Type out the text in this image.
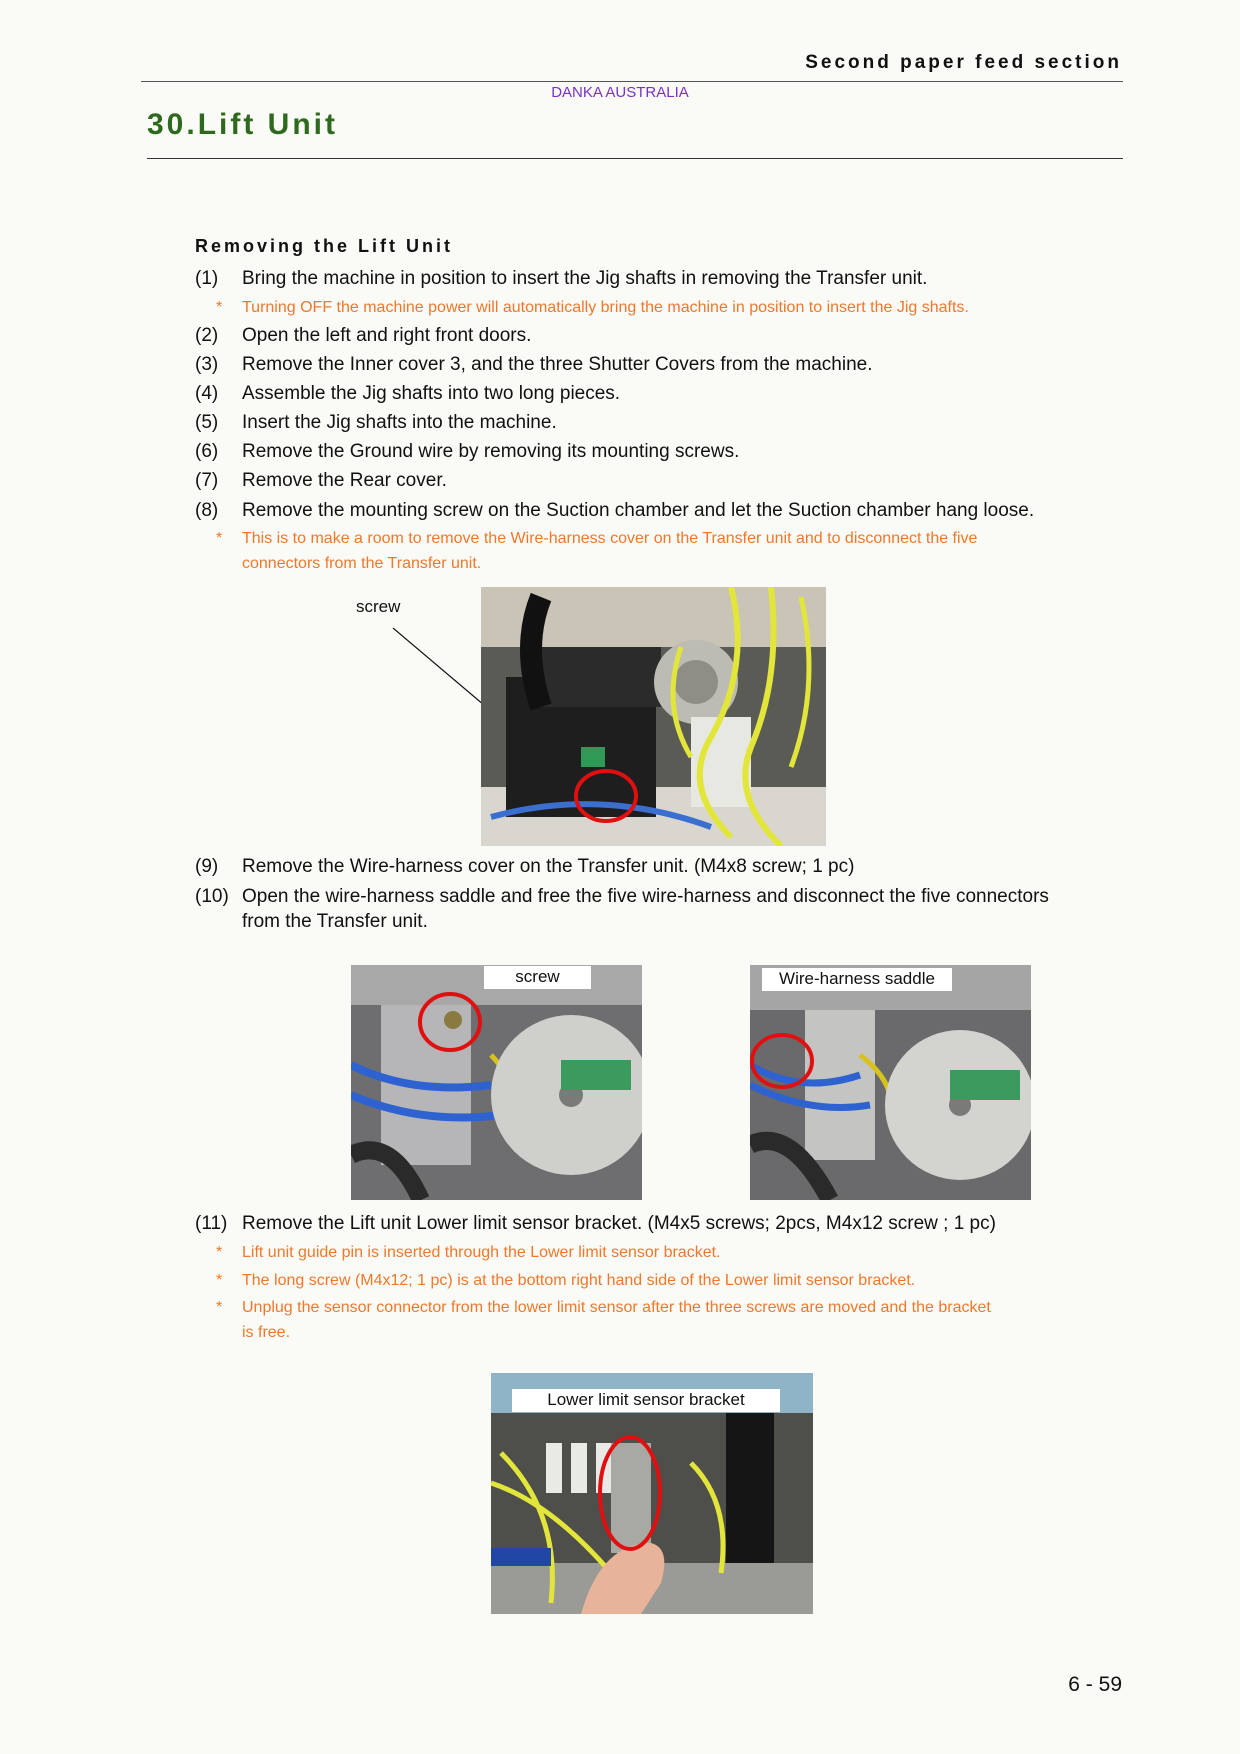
Second paper feed section
DANKA AUSTRALIA
30.Lift Unit
Removing the Lift Unit
(1) Bring the machine in position to insert the Jig shafts in removing the Transfer unit.
* Turning OFF the machine power will automatically bring the machine in position to insert the Jig shafts.
(2) Open the left and right front doors.
(3) Remove the Inner cover 3, and the three Shutter Covers from the machine.
(4) Assemble the Jig shafts into two long pieces.
(5) Insert the Jig shafts into the machine.
(6) Remove the Ground wire by removing its mounting screws.
(7) Remove the Rear cover.
(8) Remove the mounting screw on the Suction chamber and let the Suction chamber hang loose.
* This is to make a room to remove the Wire-harness cover on the Transfer unit and to disconnect the five
connectors from the Transfer unit.
screw
(9) Remove the Wire-harness cover on the Transfer unit. (M4x8 screw; 1 pc)
(10) Open the wire-harness saddle and free the five wire-harness and disconnect the five connectors
from the Transfer unit.
screw	Wire-harness saddle
(11) Remove the Lift unit Lower limit sensor bracket. (M4x5 screws; 2pcs, M4x12 screw ; 1 pc)
* Lift unit guide pin is inserted through the Lower limit sensor bracket.
* The long screw (M4x12; 1 pc) is at the bottom right hand side of the Lower limit sensor bracket.
* Unplug the sensor connector from the lower limit sensor after the three screws are moved and the bracket
is free.
Lower limit sensor bracket
6 - 59
